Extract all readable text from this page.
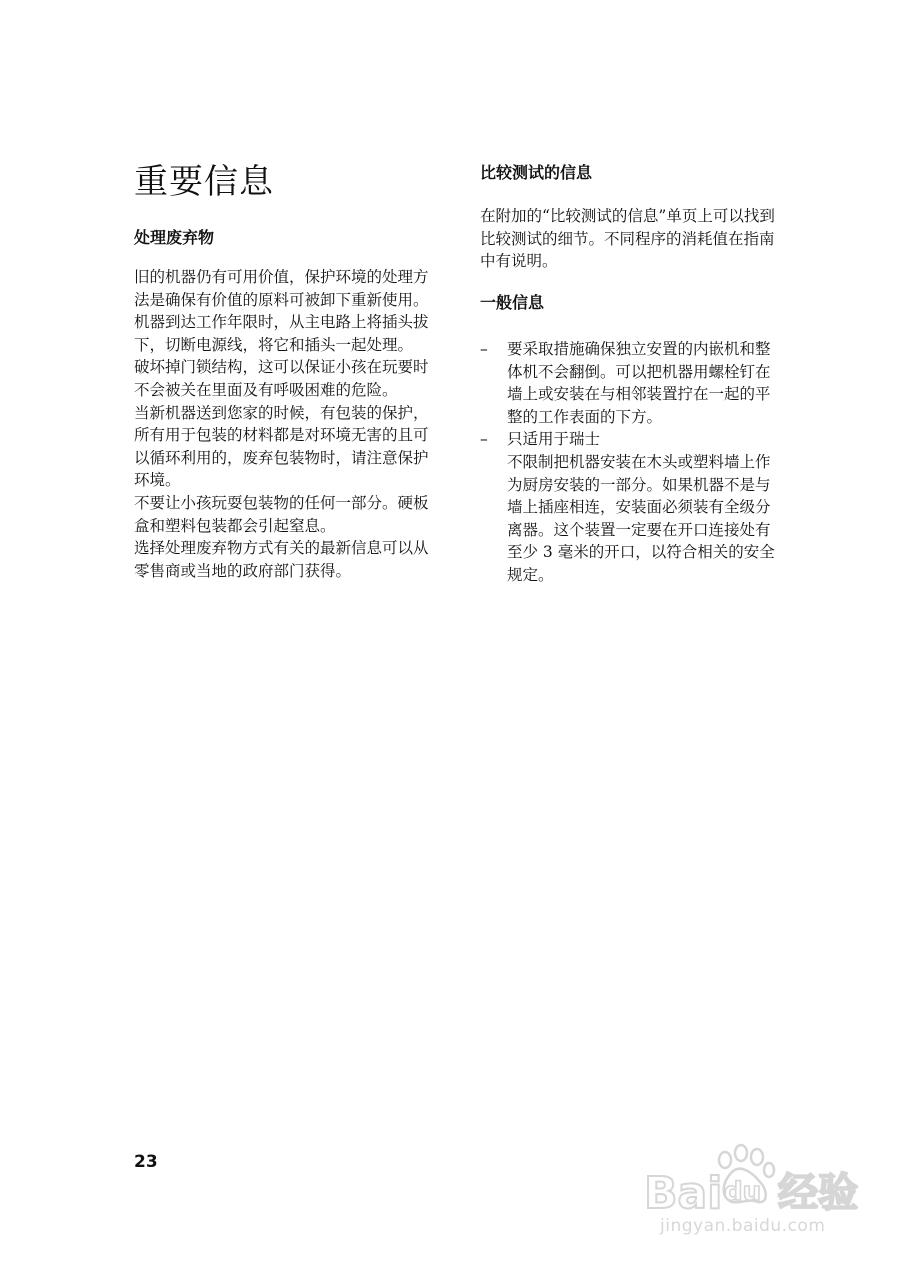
重要信息
处理废弃物

旧的机器仍有可用价值，保护环境的处理方法是确保有价值的原料可被卸下重新使用。

机器到达工作年限时，从主电路上将插头拔下，切断电源线，将它和插头一起处理。

破坏掉门锁结构，这可以保证小孩在玩要时不会被关在里面及有呼吸困难的危险。

当新机器送到您家的时候，有包装的保护，所有用于包装的材料都是对环境无害的且可以循环利用的，废弃包装物时，请注意保护环境。

不要让小孩玩耍包装物的任何一部分。硬板盒和塑料包装都会引起窒息。

选择处理废弃物方式有关的最新信息可以从零售商或当地的政府部门获得。

比较测试的信息

在附加的“比较测试的信息”单页上可以找到比较测试的细节。不同程序的消耗值在指南中有说明。

一般信息
–	要采取措施确保独立安置的内嵌机和整体机不会翻倒。可以把机器用螺栓钉在墙上或安装在与相邻装置拧在一起的平整的工作表面的下方。
–	只适用于瑞士
不限制把机器安装在木头或塑料墙上作为厨房安装的一部分。如果机器不是与墙上插座相连，安装面必须装有全级分离器。这个装置一定要在开口连接处有至少 3 毫米的开口，以符合相关的安全规定。
23
Bai du 经验
jingyan.baidu.com
